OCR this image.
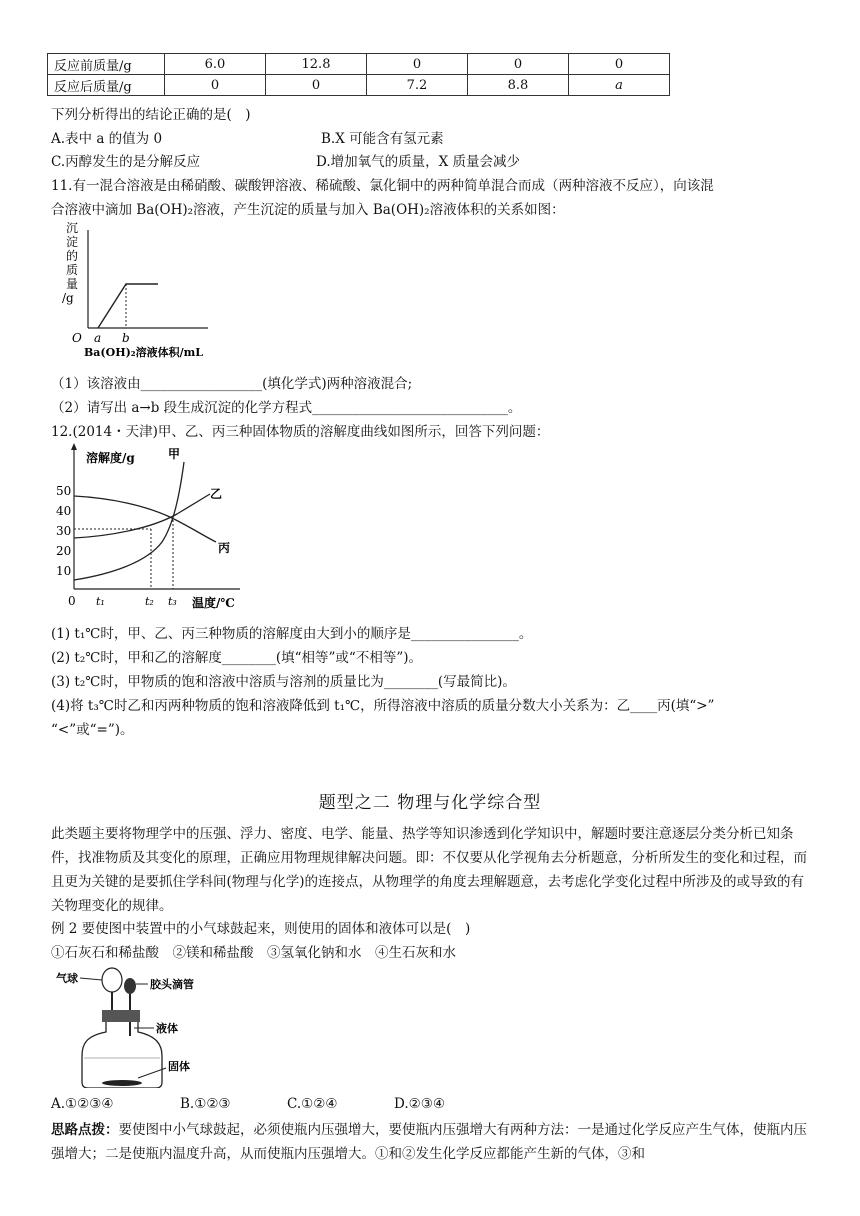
反应前质量/g	6.0	12.8	0	0	0
反应后质量/g	0	0	7.2	8.8	a
下列分析得出的结论正确的是(　)
A.表中 a 的值为 0	B.X 可能含有氢元素
C.丙醇发生的是分解反应	D.增加氧气的质量，X 质量会减少
11.有一混合溶液是由稀硝酸、碳酸钾溶液、稀硫酸、氯化铜中的两种简单混合而成（两种溶液不反应），向该混
合溶液中滴加 Ba(OH)₂溶液，产生沉淀的质量与加入 Ba(OH)₂溶液体积的关系如图：
沉
淀
的
质
量
/g
O a b
Ba(OH)₂溶液体积/mL
（1）该溶液由__________________(填化学式)两种溶液混合;
（2）请写出 a→b 段生成沉淀的化学方程式_____________________________。
12.(2014・天津)甲、乙、丙三种固体物质的溶解度曲线如图所示，回答下列问题：
溶解度/g
50
40
30
20
10
甲
乙
丙
0 t₁	t₂ t₃ 温度/℃
(1) t₁℃时，甲、乙、丙三种物质的溶解度由大到小的顺序是________________。
(2) t₂℃时，甲和乙的溶解度________(填“相等”或“不相等”)。
(3) t₂℃时，甲物质的饱和溶液中溶质与溶剂的质量比为________(写最简比)。
(4)将 t₃℃时乙和丙两种物质的饱和溶液降低到 t₁℃，所得溶液中溶质的质量分数大小关系为：乙____丙(填“>”
“<”或“=”)。
题型之二 物理与化学综合型
此类题主要将物理学中的压强、浮力、密度、电学、能量、热学等知识渗透到化学知识中，解题时要注意逐层分类分析已知条件，找准物质及其变化的原理，正确应用物理规律解决问题。即：不仅要从化学视角去分析题意，分析所发生的变化和过程，而且更为关键的是要抓住学科间(物理与化学)的连接点，从物理学的角度去理解题意，去考虑化学变化过程中所涉及的或导致的有关物理变化的规律。
例 2 要使图中装置中的小气球鼓起来，则使用的固体和液体可以是(　)
①石灰石和稀盐酸　②镁和稀盐酸　③氢氧化钠和水　④生石灰和水
气球	胶头滴管
液体
固体
A.①②③④	B.①②③	C.①②④	D.②③④
思路点拨：要使图中小气球鼓起，必须使瓶内压强增大，要使瓶内压强增大有两种方法：一是通过化学反应产生气体，使瓶内压强增大；二是使瓶内温度升高，从而使瓶内压强增大。①和②发生化学反应都能产生新的气体，③和
